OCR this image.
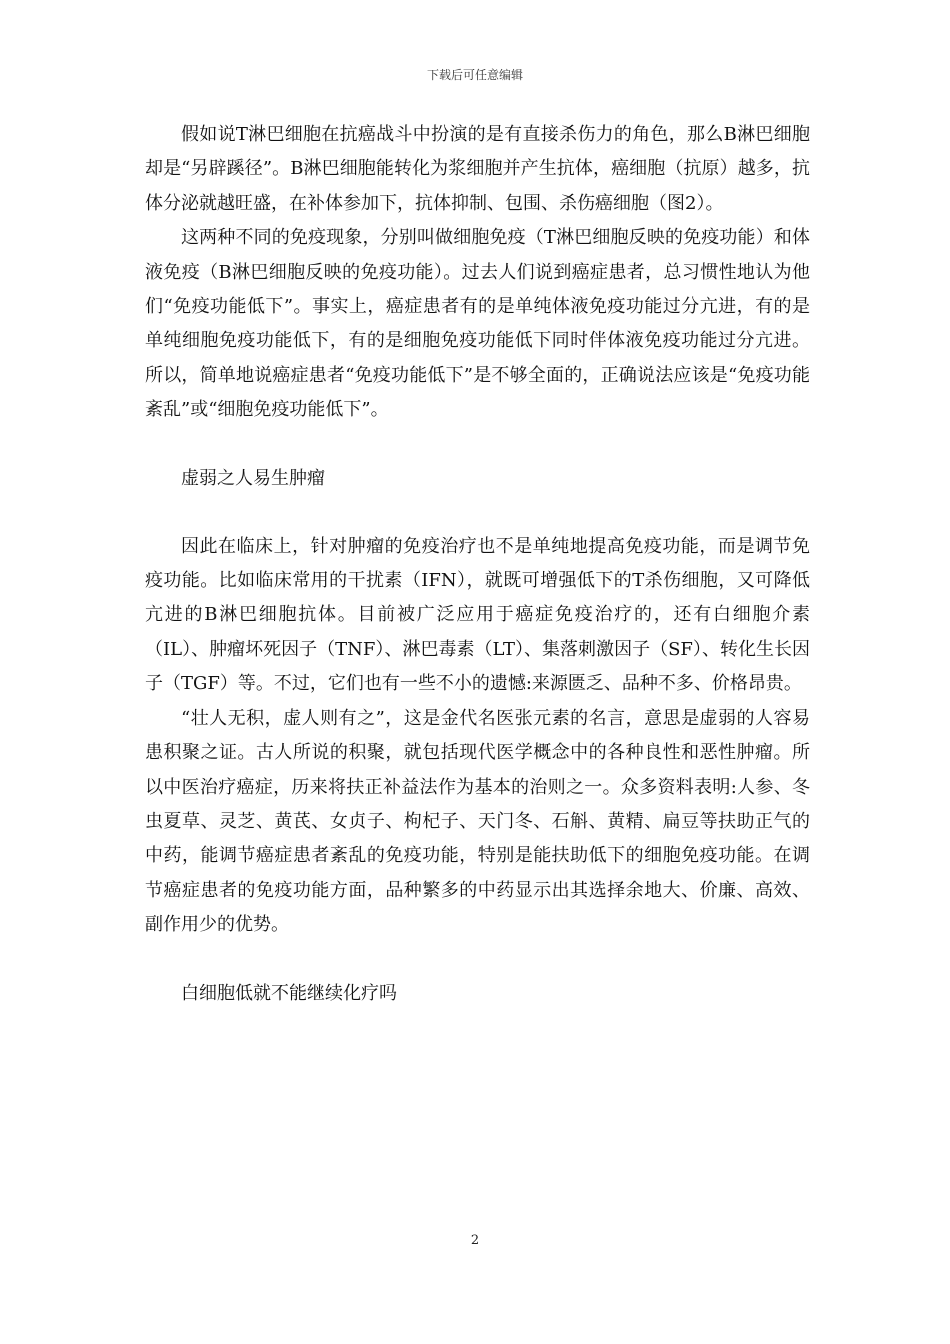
下载后可任意编辑

假如说T淋巴细胞在抗癌战斗中扮演的是有直接杀伤力的角色，那么B淋巴细胞却是“另辟蹊径”。B淋巴细胞能转化为浆细胞并产生抗体，癌细胞（抗原）越多，抗体分泌就越旺盛，在补体参加下，抗体抑制、包围、杀伤癌细胞（图2）。

这两种不同的免疫现象，分别叫做细胞免疫（T淋巴细胞反映的免疫功能）和体液免疫（B淋巴细胞反映的免疫功能）。过去人们说到癌症患者，总习惯性地认为他们“免疫功能低下”。事实上，癌症患者有的是单纯体液免疫功能过分亢进，有的是单纯细胞免疫功能低下，有的是细胞免疫功能低下同时伴体液免疫功能过分亢进。所以，简单地说癌症患者“免疫功能低下”是不够全面的，正确说法应该是“免疫功能紊乱”或“细胞免疫功能低下”。

虚弱之人易生肿瘤

因此在临床上，针对肿瘤的免疫治疗也不是单纯地提高免疫功能，而是调节免疫功能。比如临床常用的干扰素（IFN），就既可增强低下的T杀伤细胞，又可降低亢进的B淋巴细胞抗体。目前被广泛应用于癌症免疫治疗的，还有白细胞介素（IL）、肿瘤坏死因子（TNF）、淋巴毒素（LT）、集落刺激因子（SF）、转化生长因子（TGF）等。不过，它们也有一些不小的遗憾:来源匮乏、品种不多、价格昂贵。

“壮人无积，虚人则有之”，这是金代名医张元素的名言，意思是虚弱的人容易患积聚之证。古人所说的积聚，就包括现代医学概念中的各种良性和恶性肿瘤。所以中医治疗癌症，历来将扶正补益法作为基本的治则之一。众多资料表明:人参、冬虫夏草、灵芝、黄芪、女贞子、枸杞子、天门冬、石斛、黄精、扁豆等扶助正气的中药，能调节癌症患者紊乱的免疫功能，特别是能扶助低下的细胞免疫功能。在调节癌症患者的免疫功能方面，品种繁多的中药显示出其选择余地大、价廉、高效、副作用少的优势。

白细胞低就不能继续化疗吗

2
